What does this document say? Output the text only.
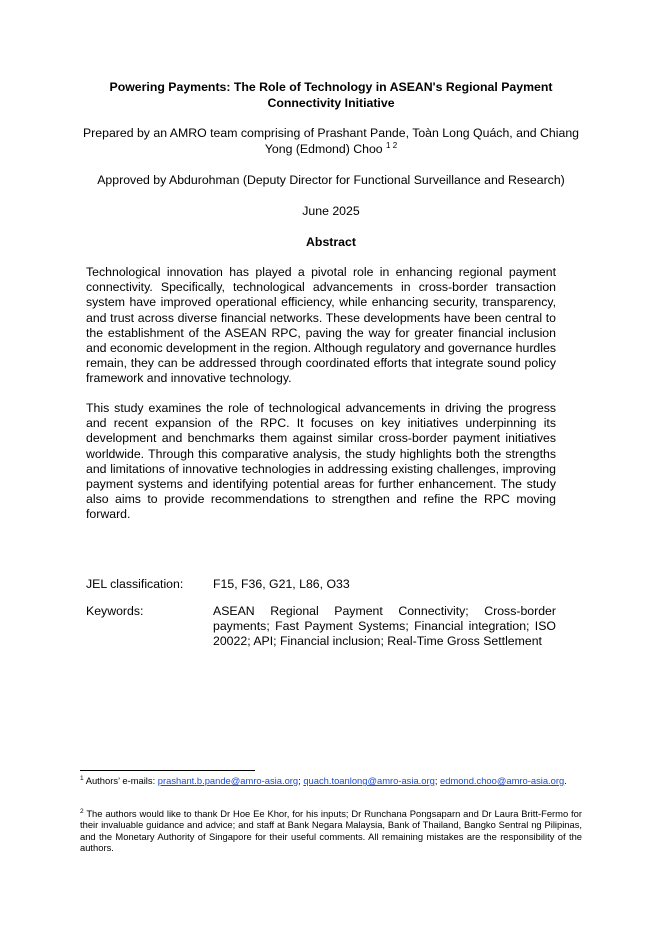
Powering Payments: The Role of Technology in ASEAN's Regional Payment Connectivity Initiative
Prepared by an AMRO team comprising of Prashant Pande, Toàn Long Quách, and Chiang Yong (Edmond) Choo $^{1 2}$
Approved by Abdurohman (Deputy Director for Functional Surveillance and Research)
June 2025
Abstract
Technological innovation has played a pivotal role in enhancing regional payment connectivity. Specifically, technological advancements in cross-border transaction system have improved operational efficiency, while enhancing security, transparency, and trust across diverse financial networks. These developments have been central to the establishment of the ASEAN RPC, paving the way for greater financial inclusion and economic development in the region. Although regulatory and governance hurdles remain, they can be addressed through coordinated efforts that integrate sound policy framework and innovative technology.
This study examines the role of technological advancements in driving the progress and recent expansion of the RPC. It focuses on key initiatives underpinning its development and benchmarks them against similar cross-border payment initiatives worldwide. Through this comparative analysis, the study highlights both the strengths and limitations of innovative technologies in addressing existing challenges, improving payment systems and identifying potential areas for further enhancement. The study also aims to provide recommendations to strengthen and refine the RPC moving forward.
JEL classification: F15, F36, G21, L86, O33
Keywords:	ASEAN Regional Payment Connectivity; Cross-border payments; Fast Payment Systems; Financial integration; ISO 20022; API; Financial inclusion; Real-Time Gross Settlement
$^1$ Authors’ e-mails: prashant.b.pande@amro-asia.org; quach.toanlong@amro-asia.org; edmond.choo@amro-asia.org.
$^2$ The authors would like to thank Dr Hoe Ee Khor, for his inputs; Dr Runchana Pongsaparn and Dr Laura Britt-Fermo for their invaluable guidance and advice; and staff at Bank Negara Malaysia, Bank of Thailand, Bangko Sentral ng Pilipinas, and the Monetary Authority of Singapore for their useful comments. All remaining mistakes are the responsibility of the authors.
